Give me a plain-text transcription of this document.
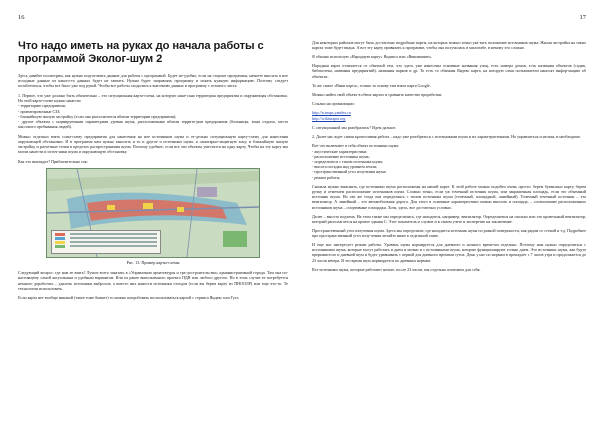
16
Что надо иметь на руках до начала работы с программой Эколог-шум 2

Здесь давайте посмотрим, как нужно подготовить данные для работы с программой. Будет не-удобно, если на стороне программы, начнете вносить в нее исходные данные из какого-то данных будет не хватать. Нужно будет заправлять программу и искать нужную информацию. Поэтому следует позаботиться, чтобы все было уже под рукой. Чтобы все работы сходились к внесению данных в программу с готового листа.

1. Первое, что уже должно быть обязательно – это ситуационная карта-схема, на которую нане-сана территория предприятия и окружающая обстановка. На этой карте-схеме нужно нанести:

- территорию предприятия;

- ориентировочные СЗЗ;

- ближайшую жилую застройку (если она располагается вблизи территории предприятия);

- другие объекты с нормируемыми параметрами уровня шума, расположенные вблизи террито-рии предприятия (больницы, зоны отдыха, места массового пребывания людей).

Можно отдельно взять план-схему предприятия для нанесения на нее источников шума и от-дельно ситуационную карту-схему для нанесения окружающей обстановки. И в программе нам нужно заносить и то и другое и источники шума, и санитарно-защитную зону, и ближайшую жилую застройку и расчетные точки в пределах распространения шума. Поэтому удобнее, если все эти объекты уместятся на одну карту. Чтобы на эту карту мы могли нанести и источ-ники шума и окружающую обстановку.

Как это выглядит? Приблизительно так:

Рис. 13. Пример карты-схемы

Следующий вопрос: где нам ее взять? Лучше всего заказать в «Управлении архитектуры и гра-достроительства» административной города. Там она по-настоящему самой актуальным и удобным вариантом. Или из ранее выполненного проекта ПДВ или любого другого. Но в этом случае ее потребуется немного доработать – удалить источники выбросов, а вместо них нанести источники отходов (если вы берем карту из ПНООЛР) или еще что-то. Те технологии использовать.

Если карта нет вообще никакой (такое тоже бывает) то можно попробовать воспользоваться картой с сервиса Яндекс или Гугл.

17

Для некоторых районов могут быть достаточно подробные карты, на которых можно точно ука-зать положение источников шума. Жилая застройка на таких картах тоже будет видна. А вот эту карту привязать к программе, чтобы она получилась в масштабе, в некому это сложно.

Я обычно использую «Народную карту» Яндекса или «Викимапию».

Народная карта отличается от обычной тем, что здесь уже нанесены основные названия улиц, есть номера домов, есть названия объектов (садик, библиотека, названия предприятий), названия парков и др. То есть то обычная Яндекс карта, на которую сами пользователи наносят инфор-мацию об объектах.

То же самое «Вики карта», только за основу там взята карта Google.

Можно найти свой объект в обеих картах и сравнить качество проработки.

Ссылки на организации:

http://n.maps.yandex.ru

http://wikimapia.org

С ситуационной мы разобрались? Идем дальше.

2. Далее нас ждет самая кропотливая работа – надо уже разобраться с источниками шума и их характеристиками. Но управляться и нельзя, и необходимо.

Вот что включают в себя объект источники шума:

- акустические характеристики;

- расположение источника шума;

- определиться с типом источника шума;

- высота посадки над уровнем земли;

- пространственный угол излучения шума;

- режим работы.

Сначала нужно выяснить, где источники шума расположены на нашей карте. К этой работе можно подойти очень просто: берем буквально карту, берем ручку и отмечаем расположение источников шума. Сложно точно, если уж точечный источник шума, или закрашенная площадь, если это объемный источник шума. Но так же тогда она определяясь с типом источника шума (точечный, площадной, линейный). Точечный точечный источник – это вентилятор. А линейный – это автомобильная дорога. Для этого в основные характеристики можно вносить и площадь, – соотношение расположенных источников шума – спортивные площадки. Хотя, здесь, все достаточно условно.

Далее – высота подъема. На этом также мы определились, где находится, например, вентилятор. Определяемся на сколько или это кровельный вентилятор, который располагается на кровле здания С. Этот показатель и служит и в самом учете и экспертизе на заключение.

Пространственный угол излучения шума. Здесь мы определили, где находится источник шума по разной поверхности, как рядом со стеной и т.д. Подробнее про пространственный угол излу-чения читайте ниже в отдельной главе.

И еще нас интересует режим работы. Уровень шума нормируется для дневного и ночного време-ни отдельно. Поэтому нам нужно определиться с источниками шума, которые могут работать и днем и ночью и с источниками шума, которые функционируют только днем. Это источники шума, как будто прерывистого и дневной шум и будет уравнивать с первой для дневного времени суток. День у нас по нормам в пропадает с 7 часов утра и продолжается до 23 часов вечера. В это время шум нормируется по дневным нормам.

Все источники шума, которые работают ночью, после 23 часов, мы отдельно помечаем для себя.
